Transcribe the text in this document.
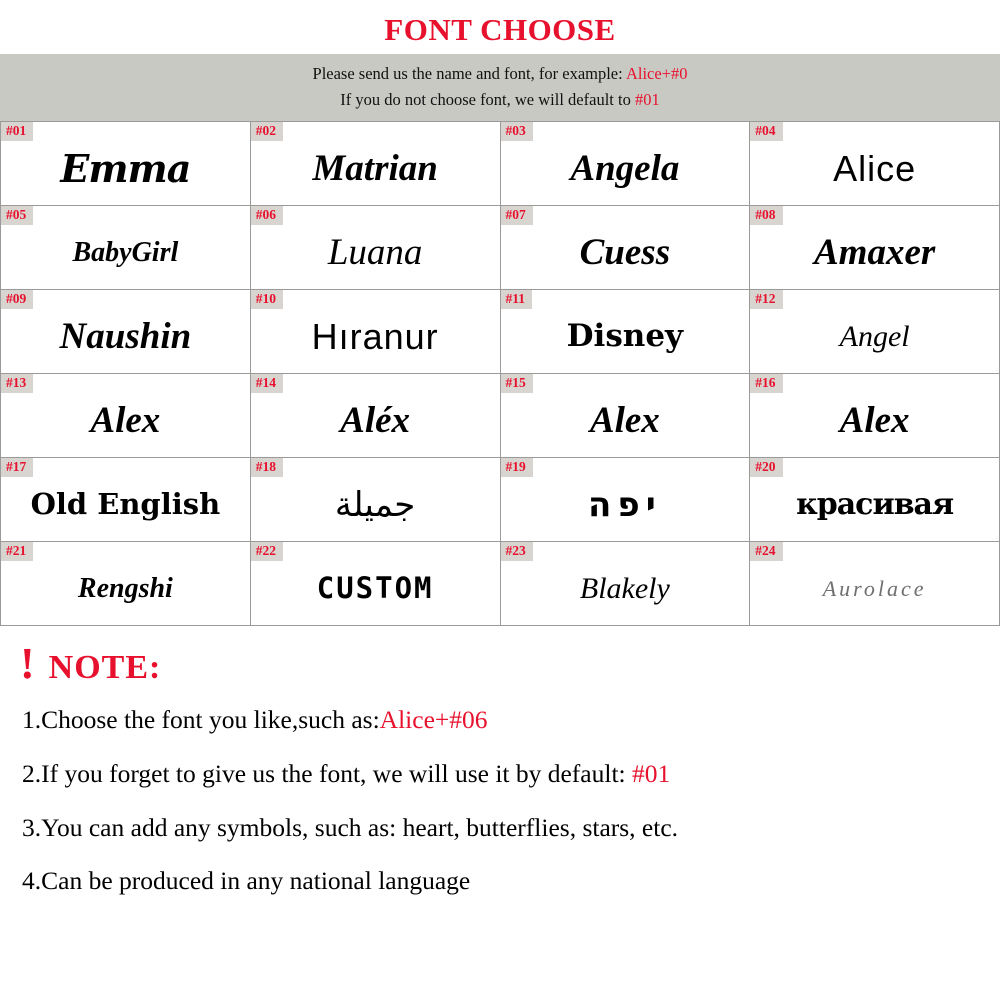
FONT CHOOSE
Please send us the name and font, for example: Alice+#0
If you do not choose font, we will default to #01
#01
Emma
#02
Matrian
#03
Angela
#04
Alice
#05
BabyGirl
#06
Luana
#07
Cuess
#08
Amaxer
#09
Naushin
#10
Hıranur
#11
Disney
#12
Angel
#13
Alex
#14
Aléx
#15
Alex
#16
Alex
#17
Old English
#18
جميلة
#19
יפה
#20
красивая
#21
Rengshi
#22
CUSTOM
#23
Blakely
#24
Aurolace
! NOTE:
1.Choose the font you like,such as:Alice+#06
2.If you forget to give us the font, we will use it by default: #01
3.You can add any symbols, such as: heart, butterflies, stars, etc.
4.Can be produced in any national language
